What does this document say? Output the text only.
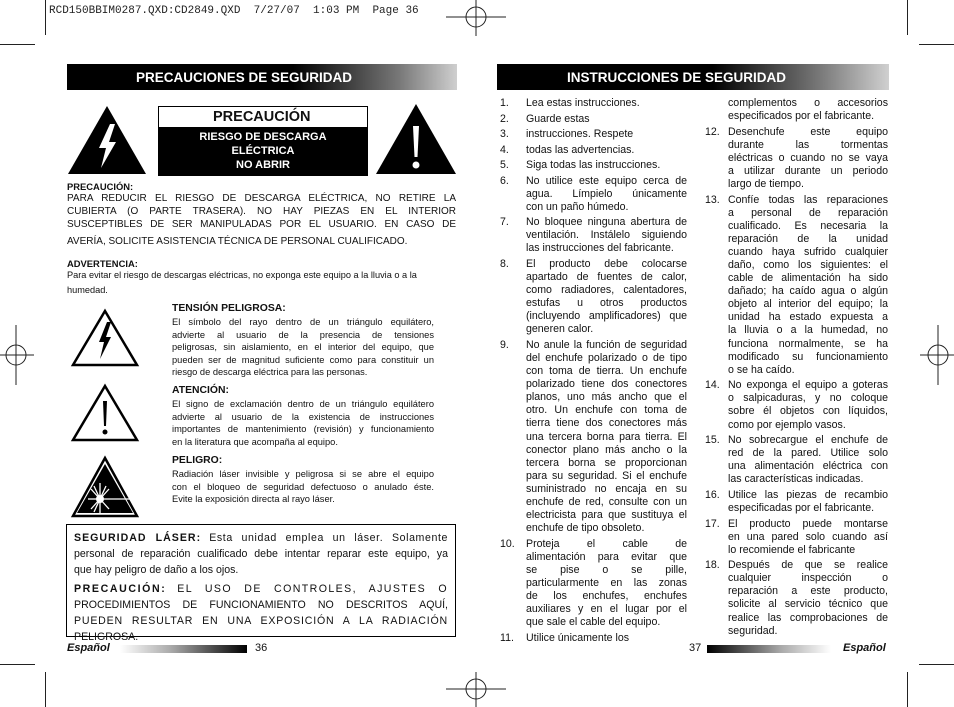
RCD150BBIM0287.QXD:CD2849.QXD  7/27/07  1:03 PM  Page 36
PRECAUCIONES DE SEGURIDAD
PRECAUCIÓN
RIESGO DE DESCARGA
ELÉCTRICA
NO ABRIR
PRECAUCIÓN:
PARA REDUCIR EL RIESGO DE DESCARGA ELÉCTRICA, NO RETIRE LA
CUBIERTA (O PARTE TRASERA). NO HAY PIEZAS EN EL INTERIOR
SUSCEPTIBLES DE SER MANIPULADAS POR EL USUARIO. EN CASO DE
AVERÍA, SOLICITE ASISTENCIA TÉCNICA DE PERSONAL CUALIFICADO.
ADVERTENCIA:
Para evitar el riesgo de descargas eléctricas, no exponga este equipo a la lluvia o a la
humedad.
TENSIÓN PELIGROSA:
El símbolo del rayo dentro de un triángulo equilátero,
advierte al usuario de la presencia de tensiones
peligrosas, sin aislamiento, en el interior del equipo, que
pueden ser de magnitud suficiente como para constituir un
riesgo de descarga eléctrica para las personas.
ATENCIÓN:
El signo de exclamación dentro de un triángulo equilátero
advierte al usuario de la existencia de instrucciones
importantes de mantenimiento (revisión) y funcionamiento
en la literatura que acompaña al equipo.
PELIGRO:
Radiación láser invisible y peligrosa si se abre el equipo
con el bloqueo de seguridad defectuoso o anulado éste.
Evite la exposición directa al rayo láser.

SEGURIDAD LÁSER: Esta unidad emplea un láser. Solamente

personal de reparación cualificado debe intentar reparar este equipo, ya

que hay peligro de daño a los ojos.

PRECAUCIÓN: EL USO DE CONTROLES, AJUSTES O

PROCEDIMIENTOS DE FUNCIONAMIENTO NO DESCRITOS AQUÍ,

PUEDEN RESULTAR EN UNA EXPOSICIÓN A LA RADIACIÓN

PELIGROSA.

Español	36
INSTRUCCIONES DE SEGURIDAD
1. Lea estas instrucciones.
2. Guarde estas
3. instrucciones. Respete
4. todas las advertencias.
5. Siga todas las instrucciones.
6. No utilice este equipo cerca de
agua. Límpielo únicamente
con un paño húmedo.
7. No bloquee ninguna abertura de
ventilación. Instálelo siguiendo
las instrucciones del fabricante.
8. El producto debe colocarse
apartado de fuentes de calor,
como radiadores, calentadores,
estufas u otros productos
(incluyendo amplificadores) que
generen calor.
9. No anule la función de seguridad
del enchufe polarizado o de tipo
con toma de tierra. Un enchufe
polarizado tiene dos conectores
planos, uno más ancho que el
otro. Un enchufe con toma de
tierra tiene dos conectores más
una tercera borna para tierra. El
conector plano más ancho o la
tercera borna se proporcionan
para su seguridad. Si el enchufe
suministrado no encaja en su
enchufe de red, consulte con un
electricista para que sustituya el
enchufe de tipo obsoleto.
10. Proteja el cable de
alimentación para evitar que
se pise o se pille,
particularmente en las zonas
de los enchufes, enchufes
auxiliares y en el lugar por el
que sale el cable del equipo.
11. Utilice únicamente los
complementos o accesorios
especificados por el fabricante.
12. Desenchufe este equipo
durante las tormentas
eléctricas o cuando no se vaya
a utilizar durante un periodo
largo de tiempo.
13. Confíe todas las reparaciones
a personal de reparación
cualificado. Es necesaria la
reparación de la unidad
cuando haya sufrido cualquier
daño, como los siguientes: el
cable de alimentación ha sido
dañado; ha caído agua o algún
objeto al interior del equipo; la
unidad ha estado expuesta a
la lluvia o a la humedad, no
funciona normalmente, se ha
modificado su funcionamiento
o se ha caído.
14. No exponga el equipo a goteras
o salpicaduras, y no coloque
sobre él objetos con líquidos,
como por ejemplo vasos.
15. No sobrecargue el enchufe de
red de la pared. Utilice solo
una alimentación eléctrica con
las características indicadas.
16. Utilice las piezas de recambio
especificadas por el fabricante.
17. El producto puede montarse
en una pared solo cuando así
lo recomiende el fabricante
18. Después de que se realice
cualquier inspección o
reparación a este producto,
solicite al servicio técnico que
realice las comprobaciones de
seguridad.
37	Español
